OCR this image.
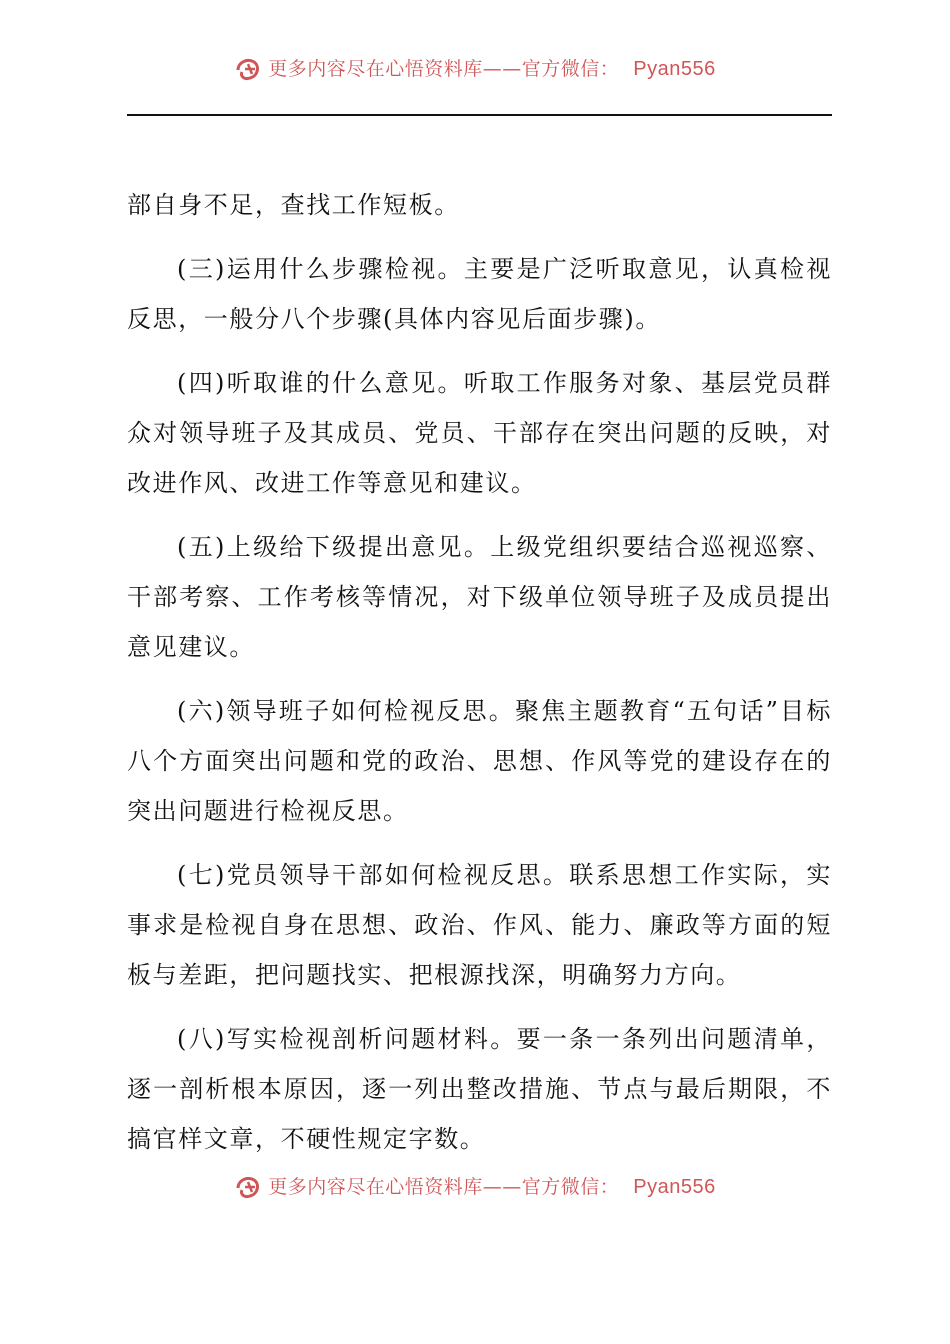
更多内容尽在心悟资料库——官方微信： Pyan556

部自身不足，查找工作短板。

(三)运用什么步骤检视。主要是广泛听取意见，认真检视反思，一般分八个步骤(具体内容见后面步骤)。

(四)听取谁的什么意见。听取工作服务对象、基层党员群众对领导班子及其成员、党员、干部存在突出问题的反映，对改进作风、改进工作等意见和建议。

(五)上级给下级提出意见。上级党组织要结合巡视巡察、干部考察、工作考核等情况，对下级单位领导班子及成员提出意见建议。

(六)领导班子如何检视反思。聚焦主题教育“五句话”目标八个方面突出问题和党的政治、思想、作风等党的建设存在的突出问题进行检视反思。

(七)党员领导干部如何检视反思。联系思想工作实际，实事求是检视自身在思想、政治、作风、能力、廉政等方面的短板与差距，把问题找实、把根源找深，明确努力方向。

(八)写实检视剖析问题材料。要一条一条列出问题清单，逐一剖析根本原因，逐一列出整改措施、节点与最后期限，不搞官样文章，不硬性规定字数。

更多内容尽在心悟资料库——官方微信： Pyan556
